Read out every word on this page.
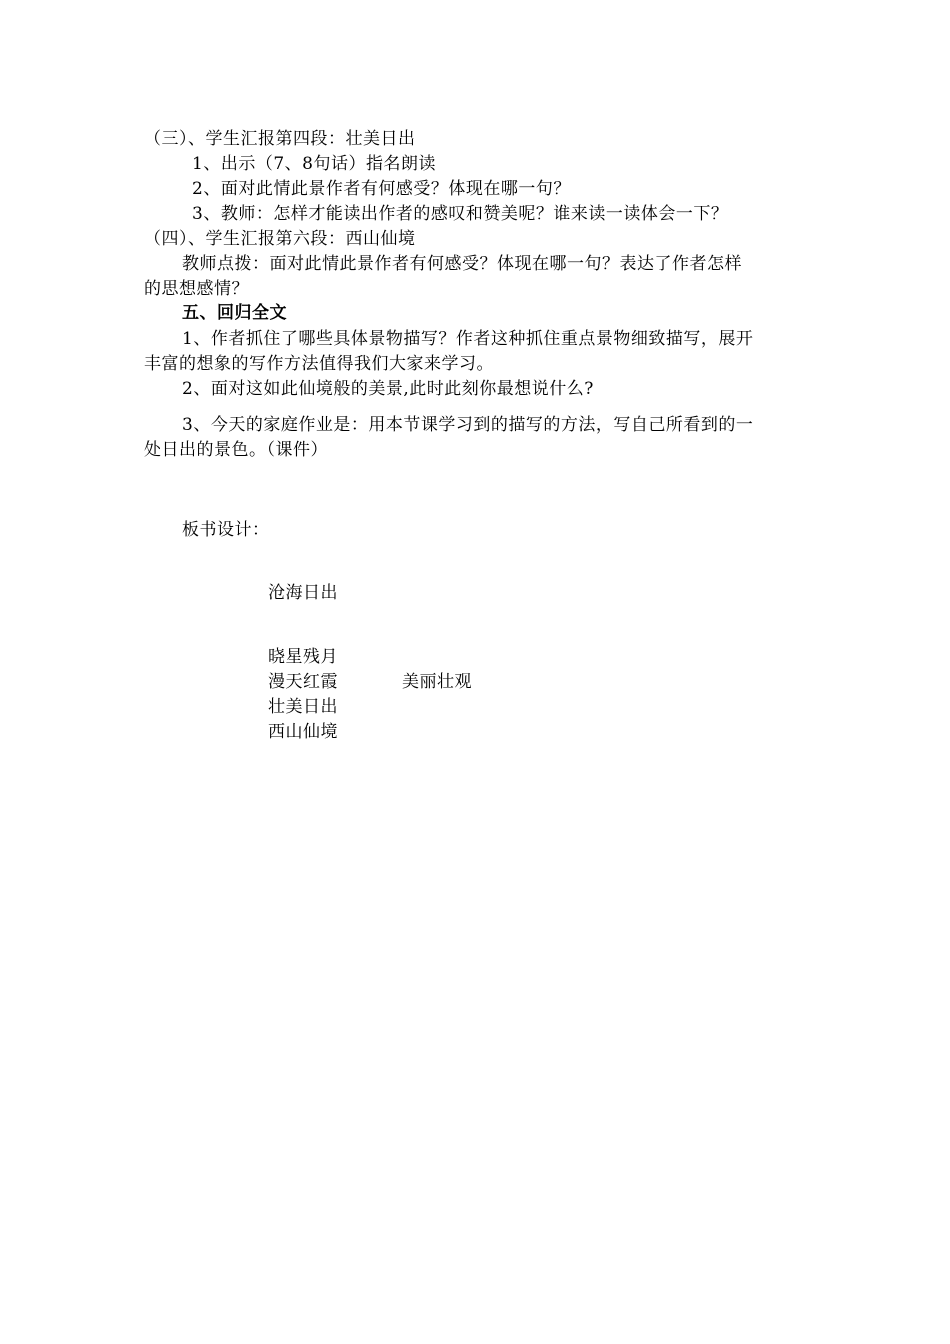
（三）、学生汇报第四段：壮美日出
1、出示（7、8句话）指名朗读
2、面对此情此景作者有何感受？体现在哪一句？
3、教师：怎样才能读出作者的感叹和赞美呢？谁来读一读体会一下？
（四）、学生汇报第六段：西山仙境
教师点拨：面对此情此景作者有何感受？体现在哪一句？表达了作者怎样
的思想感情？
五、回归全文
1、作者抓住了哪些具体景物描写？作者这种抓住重点景物细致描写，展开
丰富的想象的写作方法值得我们大家来学习。
2、面对这如此仙境般的美景,此时此刻你最想说什么?
3、今天的家庭作业是：用本节课学习到的描写的方法，写自己所看到的一
处日出的景色。（课件）
板书设计：
沧海日出
晓星残月
漫天红霞	美丽壮观
壮美日出
西山仙境
